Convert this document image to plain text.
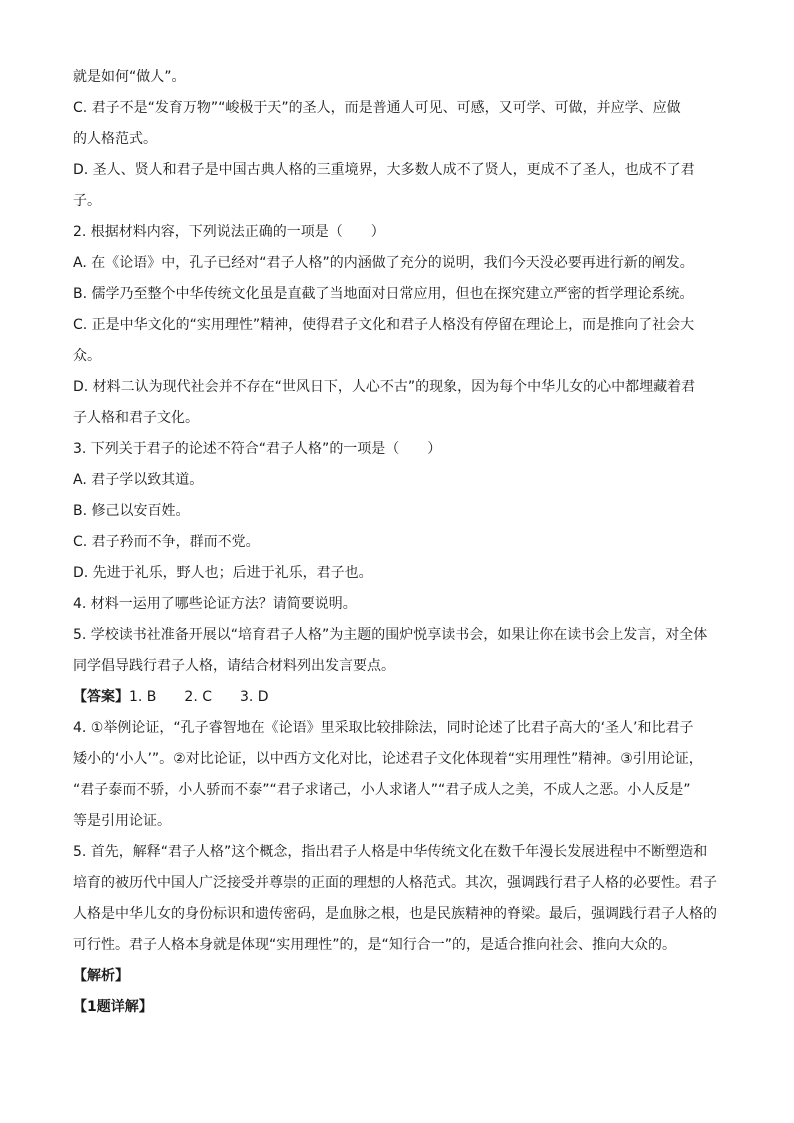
就是如何“做人”。
C. 君子不是“发育万物”“峻极于天”的圣人，而是普通人可见、可感，又可学、可做，并应学、应做
的人格范式。
D. 圣人、贤人和君子是中国古典人格的三重境界，大多数人成不了贤人，更成不了圣人，也成不了君
子。
2. 根据材料内容，下列说法正确的一项是（　　）
A. 在《论语》中，孔子已经对“君子人格”的内涵做了充分的说明，我们今天没必要再进行新的阐发。
B. 儒学乃至整个中华传统文化虽是直截了当地面对日常应用，但也在探究建立严密的哲学理论系统。
C. 正是中华文化的“实用理性”精神，使得君子文化和君子人格没有停留在理论上，而是推向了社会大
众。
D. 材料二认为现代社会并不存在“世风日下，人心不古”的现象，因为每个中华儿女的心中都埋藏着君
子人格和君子文化。
3. 下列关于君子的论述不符合“君子人格”的一项是（　　）
A. 君子学以致其道。
B. 修己以安百姓。
C. 君子矜而不争，群而不党。
D. 先进于礼乐，野人也；后进于礼乐，君子也。
4. 材料一运用了哪些论证方法？请简要说明。
5. 学校读书社准备开展以“培育君子人格”为主题的围炉悦享读书会，如果让你在读书会上发言，对全体
同学倡导践行君子人格，请结合材料列出发言要点。
【答案】1. B　　2. C　　3. D
4. ①举例论证，“孔子睿智地在《论语》里采取比较排除法，同时论述了比君子高大的‘圣人’和比君子
矮小的‘小人’”。②对比论证，以中西方文化对比，论述君子文化体现着“实用理性”精神。③引用论证，
“君子泰而不骄，小人骄而不泰”“君子求诸己，小人求诸人”“君子成人之美，不成人之恶。小人反是”
等是引用论证。
5. 首先，解释“君子人格”这个概念，指出君子人格是中华传统文化在数千年漫长发展进程中不断塑造和
培育的被历代中国人广泛接受并尊崇的正面的理想的人格范式。其次，强调践行君子人格的必要性。君子
人格是中华儿女的身份标识和遗传密码，是血脉之根，也是民族精神的脊梁。最后，强调践行君子人格的
可行性。君子人格本身就是体现“实用理性”的，是“知行合一”的，是适合推向社会、推向大众的。
【解析】
【1题详解】
